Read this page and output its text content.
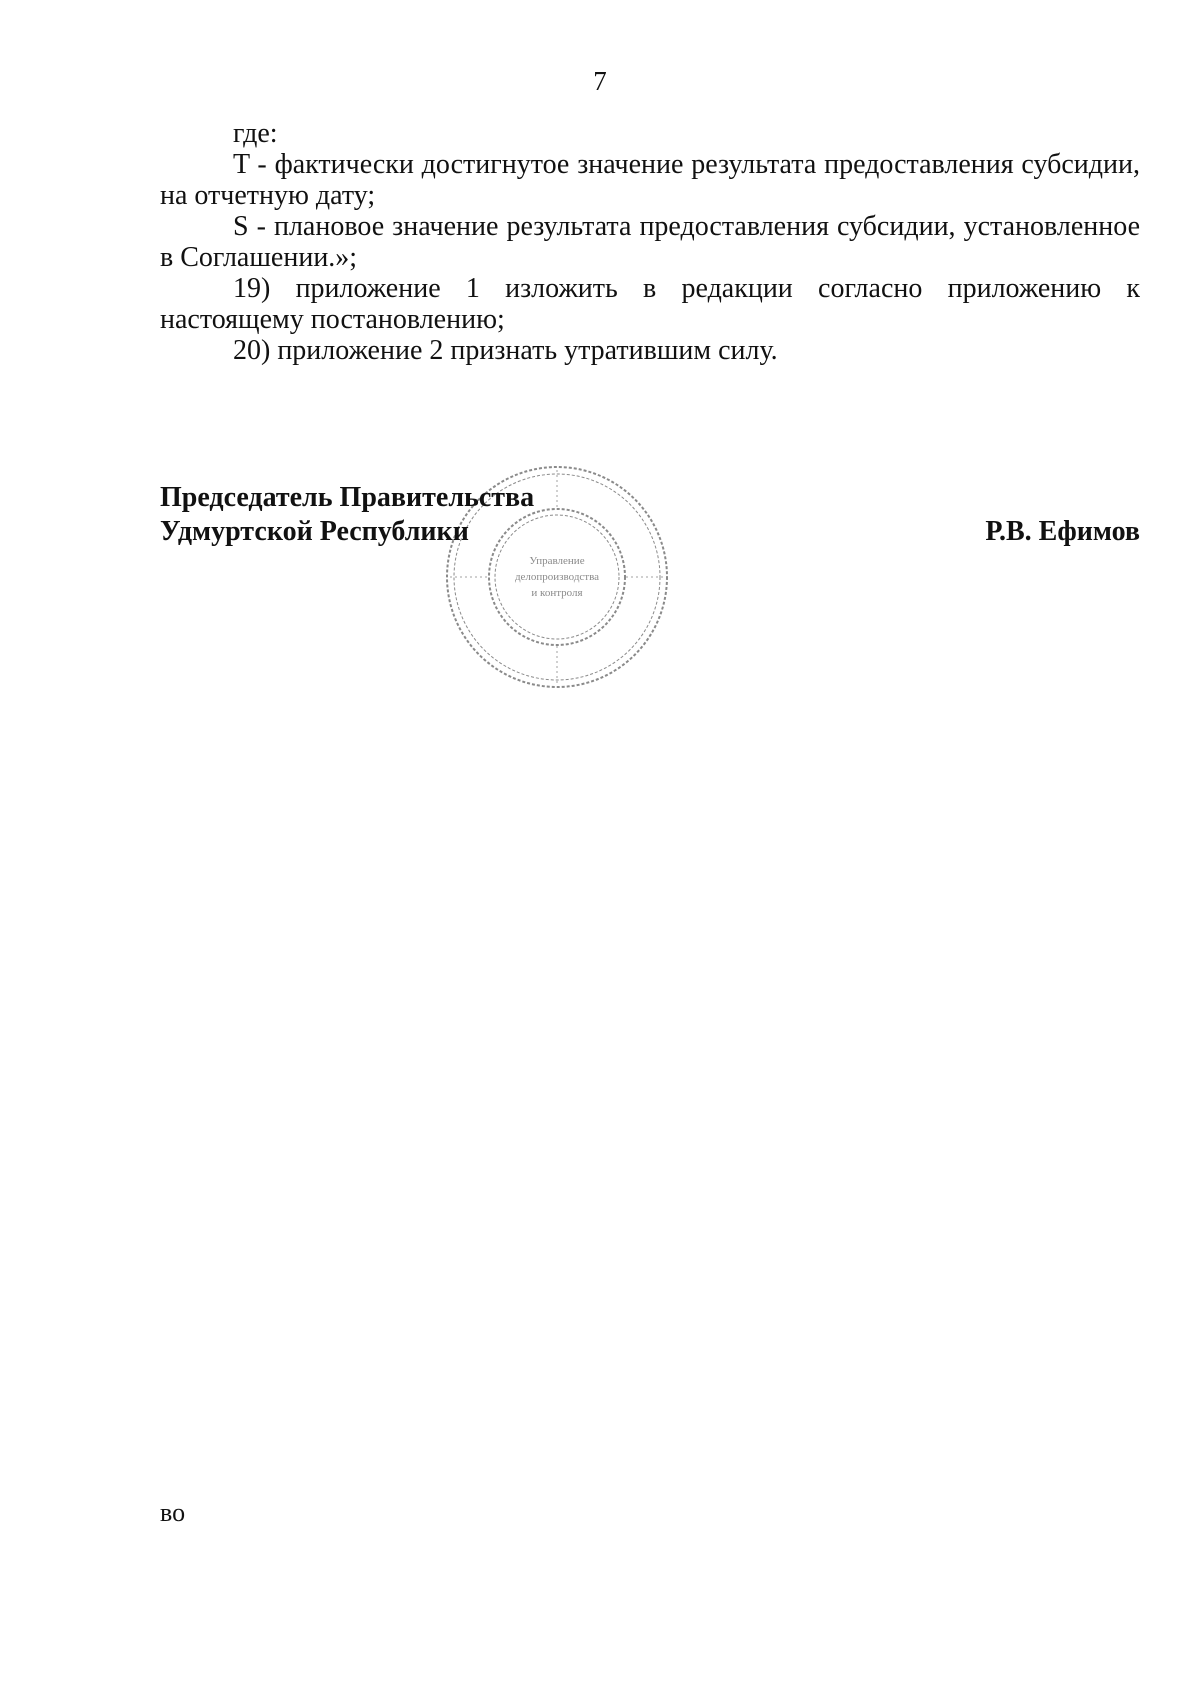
7

где:

T - фактически достигнутое значение результата предоставления субсидии, на отчетную дату;

S - плановое значение результата предоставления субсидии, установленное в Соглашении.»;

19) приложение 1 изложить в редакции согласно приложению к настоящему постановлению;

20) приложение 2 признать утратившим силу.

Управление
делопроизводства
и контроля
Председатель Правительства
Удмуртской Республики	Р.В. Ефимов
во
